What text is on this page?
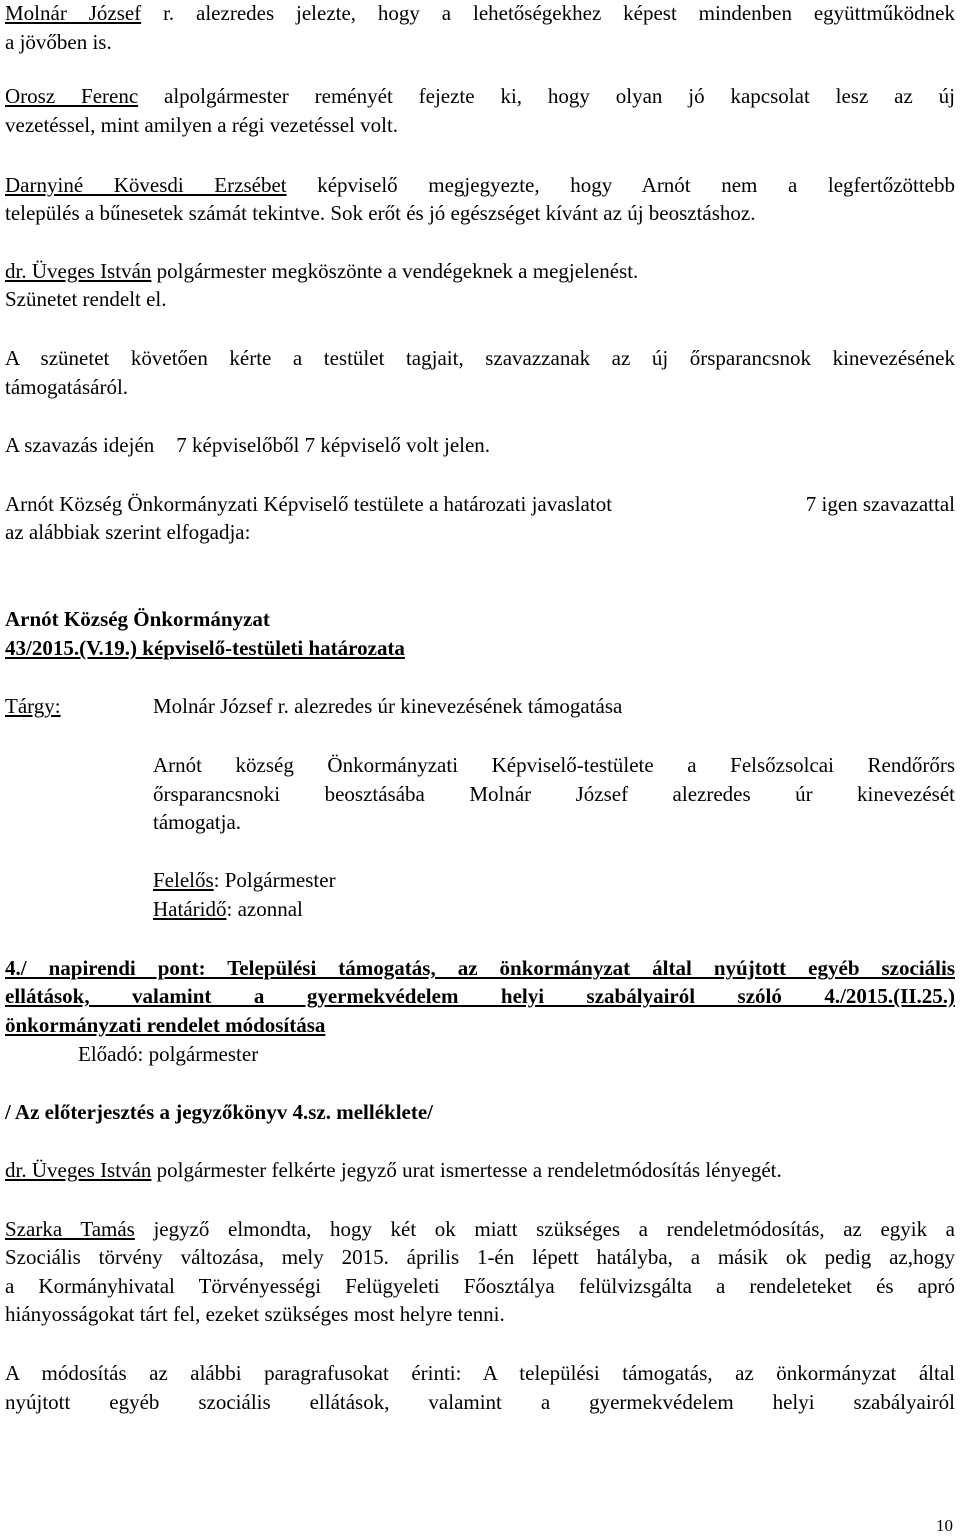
Molnár József r. alezredes jelezte, hogy a lehetőségekhez képest mindenben együttműködnek
a jövőben is.
Orosz Ferenc alpolgármester reményét fejezte ki, hogy olyan jó kapcsolat lesz az új
vezetéssel, mint amilyen a régi vezetéssel volt.
Darnyiné Kövesdi Erzsébet képviselő megjegyezte, hogy Arnót nem a legfertőzöttebb
település a bűnesetek számát tekintve. Sok erőt és jó egészséget kívánt az új beosztáshoz.
dr. Üveges István polgármester megköszönte a vendégeknek a megjelenést.
Szünetet rendelt el.
A szünetet követően kérte a testület tagjait, szavazzanak az új őrsparancsnok kinevezésének
támogatásáról.
A szavazás idején 7 képviselőből 7 képviselő volt jelen.
Arnót Község Önkormányzati Képviselő testülete a határozati javaslatot	7 igen szavazattal
az alábbiak szerint elfogadja:
Arnót Község Önkormányzat
43/2015.(V.19.) képviselő-testületi határozata
Tárgy:	Molnár József r. alezredes úr kinevezésének támogatása
Arnót község Önkormányzati Képviselő-testülete a Felsőzsolcai Rendőrőrs
őrsparancsnoki beosztásába Molnár József alezredes úr kinevezését
támogatja.
Felelős: Polgármester
Határidő: azonnal
4./ napirendi pont: Települési támogatás, az önkormányzat által nyújtott egyéb szociális
ellátások, valamint a gyermekvédelem helyi szabályairól szóló 4./2015.(II.25.)
önkormányzati rendelet módosítása
Előadó: polgármester
/ Az előterjesztés a jegyzőkönyv 4.sz. melléklete/
dr. Üveges István polgármester felkérte jegyző urat ismertesse a rendeletmódosítás lényegét.
Szarka Tamás jegyző elmondta, hogy két ok miatt szükséges a rendeletmódosítás, az egyik a
Szociális törvény változása, mely 2015. április 1-én lépett hatályba, a másik ok pedig az,hogy
a Kormányhivatal Törvényességi Felügyeleti Főosztálya felülvizsgálta a rendeleteket és apró
hiányosságokat tárt fel, ezeket szükséges most helyre tenni.
A módosítás az alábbi paragrafusokat érinti: A települési támogatás, az önkormányzat által
nyújtott egyéb szociális ellátások, valamint a gyermekvédelem helyi szabályairól
10
